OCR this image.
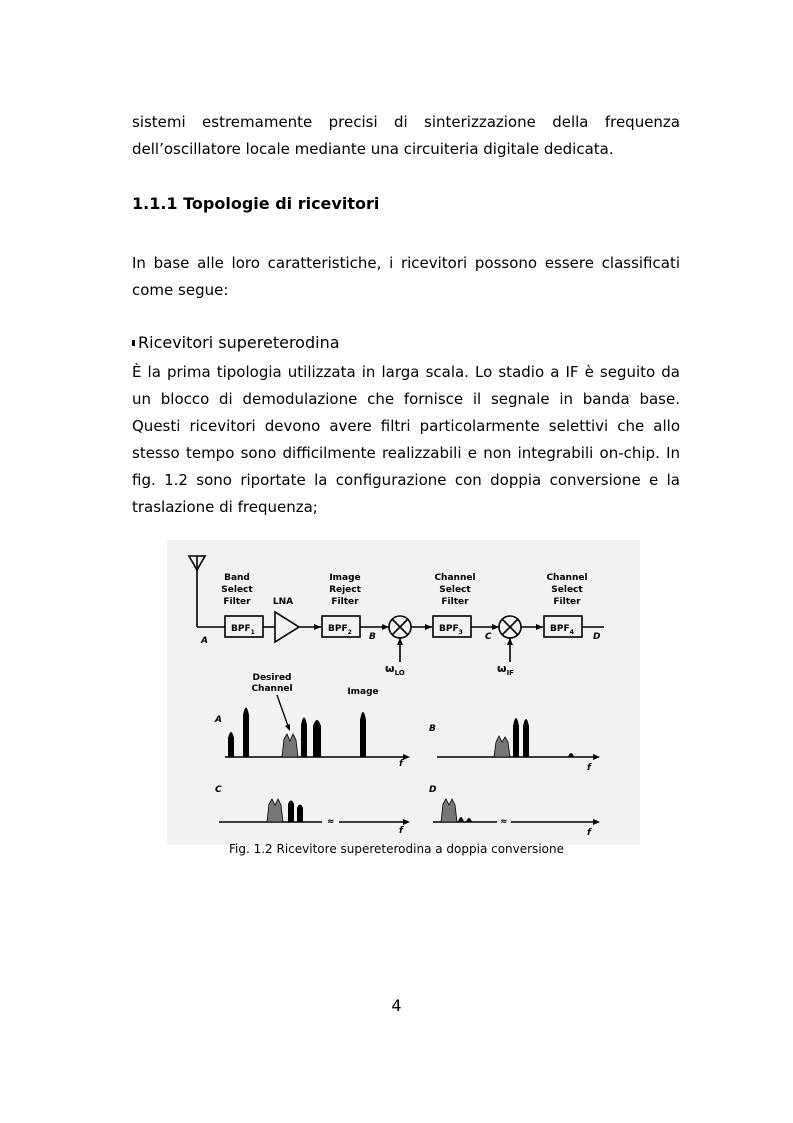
sistemi estremamente precisi di sinterizzazione della frequenza

dell’oscillatore locale mediante una circuiteria digitale dedicata.

1.1.1 Topologie di ricevitori

In base alle loro caratteristiche, i ricevitori possono essere classificati

come segue:

Ricevitori supereterodina

È la prima tipologia utilizzata in larga scala. Lo stadio a IF è seguito da un blocco di demodulazione che fornisce il segnale in banda base. Questi ricevitori devono avere filtri particolarmente selettivi che allo stesso tempo sono difficilmente realizzabili e non integrabili on-chip. In fig. 1.2 sono riportate la configurazione con doppia conversione e la traslazione di frequenza;

Band
Select
Filter LNA
Image
Reject
Filter
Channel
Select
Filter
Channel
Select
Filter
$BPF_1$	$BPF_2$	$BPF_3$	$BPF_4$
A	B	C	D
$\omega_{LO}$	$\omega_{IF}$
Desired
Channel	Image
A
B
C	D
f	f
f	f
≈	≈

Fig. 1.2 Ricevitore supereterodina a doppia conversione

4
